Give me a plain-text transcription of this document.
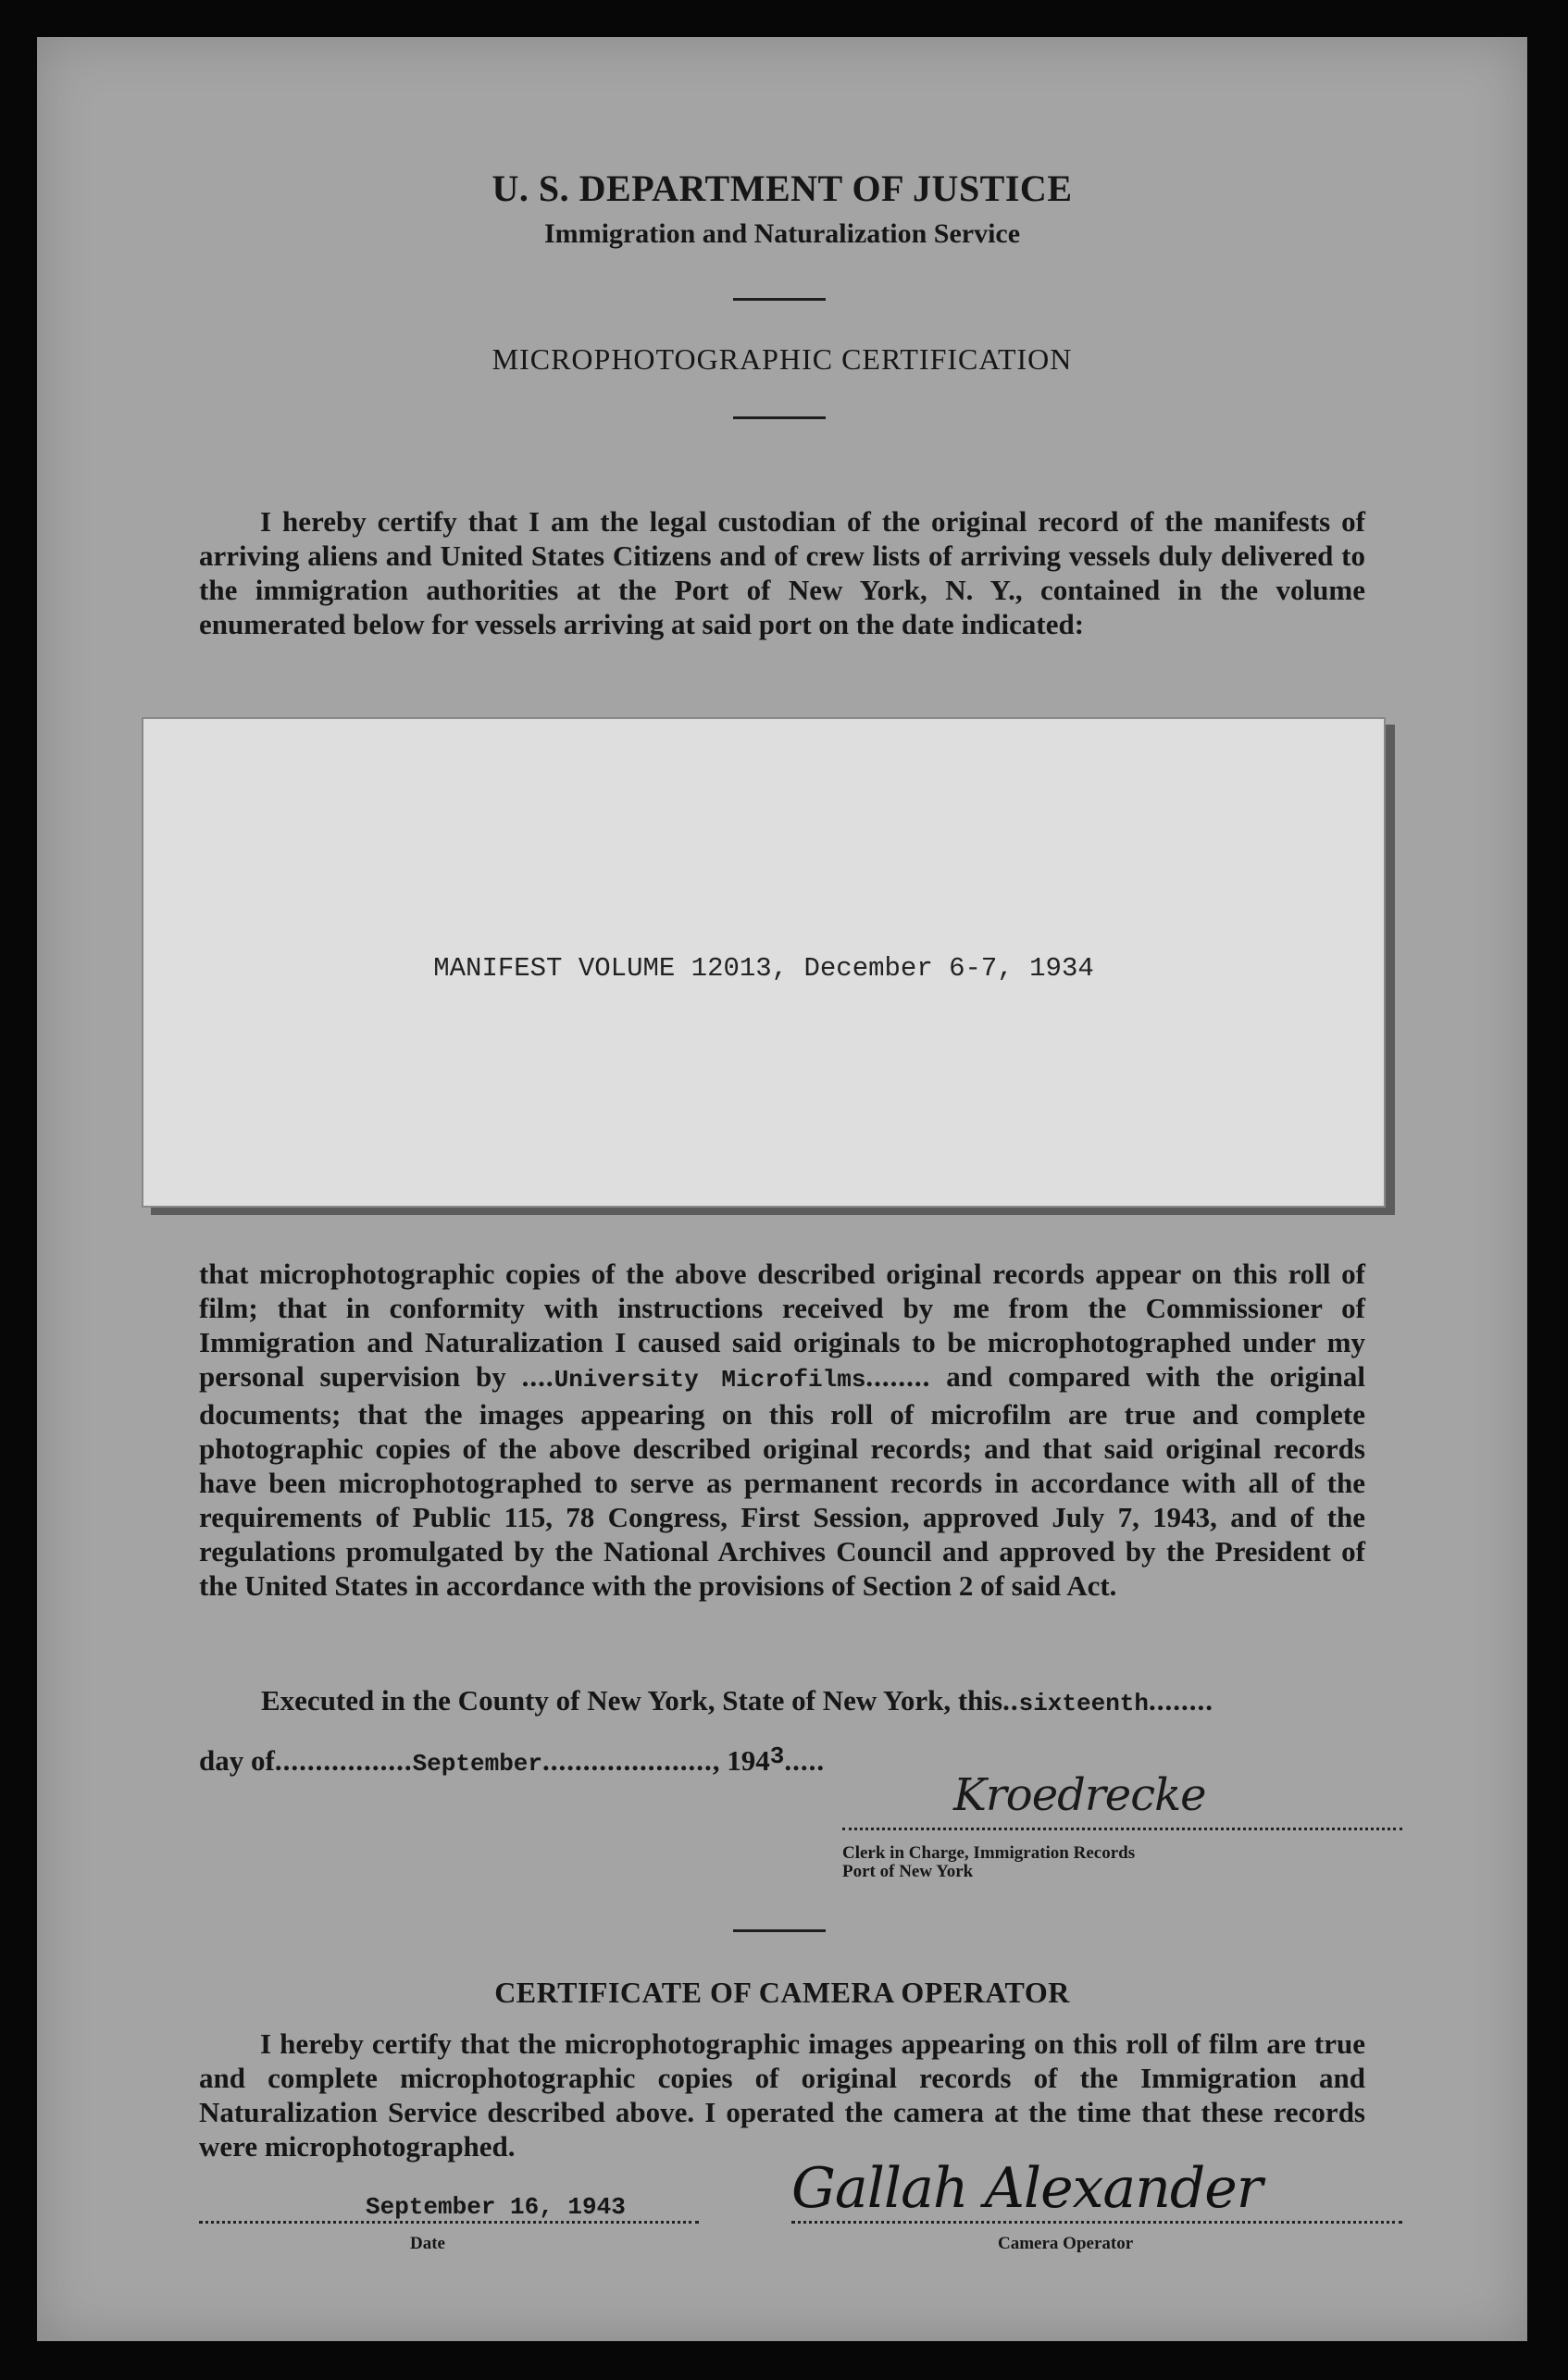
U. S. DEPARTMENT OF JUSTICE
Immigration and Naturalization Service
MICROPHOTOGRAPHIC CERTIFICATION

I hereby certify that I am the legal custodian of the original record of the manifests of arriving aliens and United States Citizens and of crew lists of arriving vessels duly delivered to the immigration authorities at the Port of New York, N. Y., contained in the volume enumerated below for vessels arriving at said port on the date indicated:

MANIFEST VOLUME 12013, December 6-7, 1934

that microphotographic copies of the above described original records appear on this roll of film; that in conformity with instructions received by me from the Commissioner of Immigration and Naturalization I caused said originals to be microphotographed under my personal supervision by ....University Microfilms........ and compared with the original documents; that the images appearing on this roll of microfilm are true and complete photographic copies of the above described original records; and that said original records have been microphotographed to serve as permanent records in accordance with all of the requirements of Public 115, 78 Congress, First Session, approved July 7, 1943, and of the regulations promulgated by the National Archives Council and approved by the President of the United States in accordance with the provisions of Section 2 of said Act.

Executed in the County of New York, State of New York, this..sixteenth........
day of.................September....................., $194^3$.....
Kroedrecke
Clerk in Charge, Immigration Records
Port of New York
CERTIFICATE OF CAMERA OPERATOR

I hereby certify that the microphotographic images appearing on this roll of film are true and complete microphotographic copies of original records of the Immigration and Naturalization Service described above. I operated the camera at the time that these records were microphotographed.

September 16, 1943
Date
Gallah Alexander
Camera Operator
